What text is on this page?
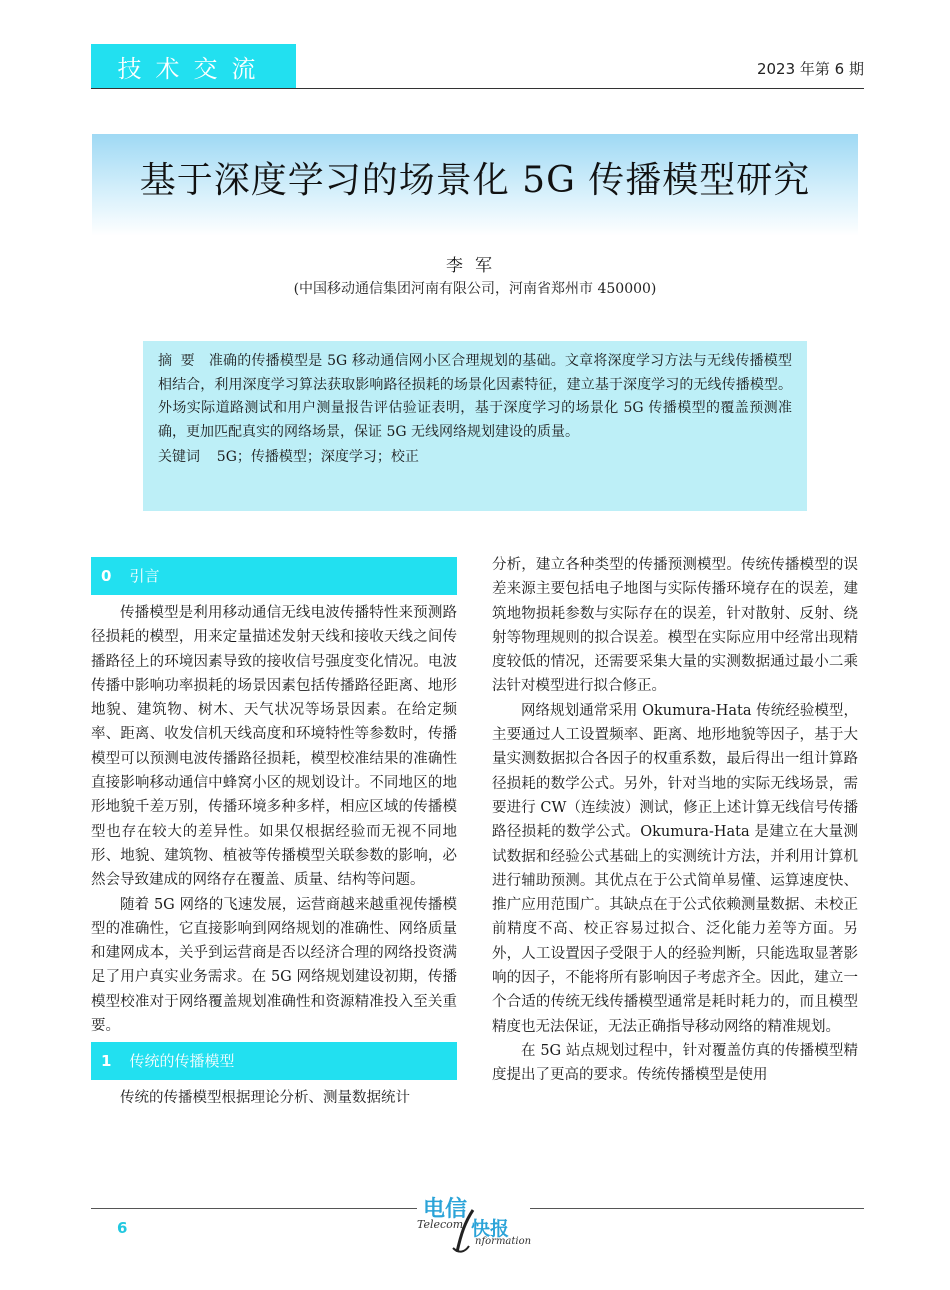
技术交流	2023 年第 6 期
基于深度学习的场景化 5G 传播模型研究
李军
(中国移动通信集团河南有限公司，河南省郑州市 450000)
摘要 准确的传播模型是 5G 移动通信网小区合理规划的基础。文章将深度学习方法与无线传播模型相结合，利用深度学习算法获取影响路径损耗的场景化因素特征，建立基于深度学习的无线传播模型。外场实际道路测试和用户测量报告评估验证表明，基于深度学习的场景化 5G 传播模型的覆盖预测准确，更加匹配真实的网络场景，保证 5G 无线网络规划建设的质量。
关键词 5G；传播模型；深度学习；校正
0 引言

传播模型是利用移动通信无线电波传播特性来预测路径损耗的模型，用来定量描述发射天线和接收天线之间传播路径上的环境因素导致的接收信号强度变化情况。电波传播中影响功率损耗的场景因素包括传播路径距离、地形地貌、建筑物、树木、天气状况等场景因素。在给定频率、距离、收发信机天线高度和环境特性等参数时，传播模型可以预测电波传播路径损耗，模型校准结果的准确性直接影响移动通信中蜂窝小区的规划设计。不同地区的地形地貌千差万别，传播环境多种多样，相应区域的传播模型也存在较大的差异性。如果仅根据经验而无视不同地形、地貌、建筑物、植被等传播模型关联参数的影响，必然会导致建成的网络存在覆盖、质量、结构等问题。

随着 5G 网络的飞速发展，运营商越来越重视传播模型的准确性，它直接影响到网络规划的准确性、网络质量和建网成本，关乎到运营商是否以经济合理的网络投资满足了用户真实业务需求。在 5G 网络规划建设初期，传播模型校准对于网络覆盖规划准确性和资源精准投入至关重要。

1 传统的传播模型

传统的传播模型根据理论分析、测量数据统计

分析，建立各种类型的传播预测模型。传统传播模型的误差来源主要包括电子地图与实际传播环境存在的误差，建筑地物损耗参数与实际存在的误差，针对散射、反射、绕射等物理规则的拟合误差。模型在实际应用中经常出现精度较低的情况，还需要采集大量的实测数据通过最小二乘法针对模型进行拟合修正。

网络规划通常采用 Okumura-Hata 传统经验模型，主要通过人工设置频率、距离、地形地貌等因子，基于大量实测数据拟合各因子的权重系数，最后得出一组计算路径损耗的数学公式。另外，针对当地的实际无线场景，需要进行 CW（连续波）测试，修正上述计算无线信号传播路径损耗的数学公式。Okumura-Hata 是建立在大量测试数据和经验公式基础上的实测统计方法，并利用计算机进行辅助预测。其优点在于公式简单易懂、运算速度快、推广应用范围广。其缺点在于公式依赖测量数据、未校正前精度不高、校正容易过拟合、泛化能力差等方面。另外，人工设置因子受限于人的经验判断，只能选取显著影响的因子，不能将所有影响因子考虑齐全。因此，建立一个合适的传统无线传播模型通常是耗时耗力的，而且模型精度也无法保证，无法正确指导移动网络的精准规划。

在 5G 站点规划过程中，针对覆盖仿真的传播模型精度提出了更高的要求。传统传播模型是使用

6
电信
Telecom 快报
nformation
